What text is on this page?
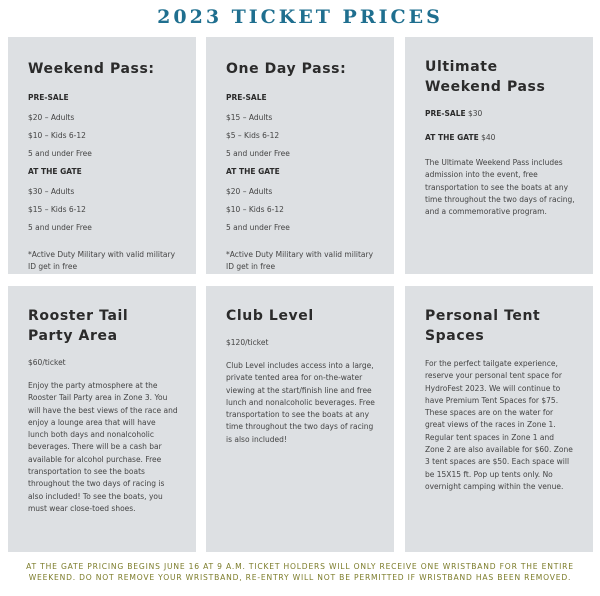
2023 TICKET PRICES
Weekend Pass:
PRE-SALE
$20 – Adults
$10 – Kids 6-12
5 and under Free
AT THE GATE
$30 – Adults
$15 – Kids 6-12
5 and under Free
*Active Duty Military with valid military ID get in free
One Day Pass:
PRE-SALE
$15 – Adults
$5 – Kids 6-12
5 and under Free
AT THE GATE
$20 – Adults
$10 – Kids 6-12
5 and under Free
*Active Duty Military with valid military ID get in free
Ultimate Weekend Pass
PRE-SALE $30
AT THE GATE $40

The Ultimate Weekend Pass includes admission into the event, free transportation to see the boats at any time throughout the two days of racing, and a commemorative program.

Rooster Tail Party Area
$60/ticket

Enjoy the party atmosphere at the Rooster Tail Party area in Zone 3. You will have the best views of the race and enjoy a lounge area that will have lunch both days and nonalcoholic beverages. There will be a cash bar available for alcohol purchase. Free transportation to see the boats throughout the two days of racing is also included! To see the boats, you must wear close-toed shoes.

Club Level
$120/ticket

Club Level includes access into a large, private tented area for on-the-water viewing at the start/finish line and free lunch and nonalcoholic beverages. Free transportation to see the boats at any time throughout the two days of racing is also included!

Personal Tent Spaces

For the perfect tailgate experience, reserve your personal tent space for HydroFest 2023. We will continue to have Premium Tent Spaces for $75. These spaces are on the water for great views of the races in Zone 1. Regular tent spaces in Zone 1 and Zone 2 are also available for $60. Zone 3 tent spaces are $50. Each space will be 15X15 ft. Pop up tents only. No overnight camping within the venue.

AT THE GATE PRICING BEGINS JUNE 16 AT 9 A.M. TICKET HOLDERS WILL ONLY RECEIVE ONE WRISTBAND FOR THE ENTIRE WEEKEND. DO NOT REMOVE YOUR WRISTBAND, RE-ENTRY WILL NOT BE PERMITTED IF WRISTBAND HAS BEEN REMOVED.
